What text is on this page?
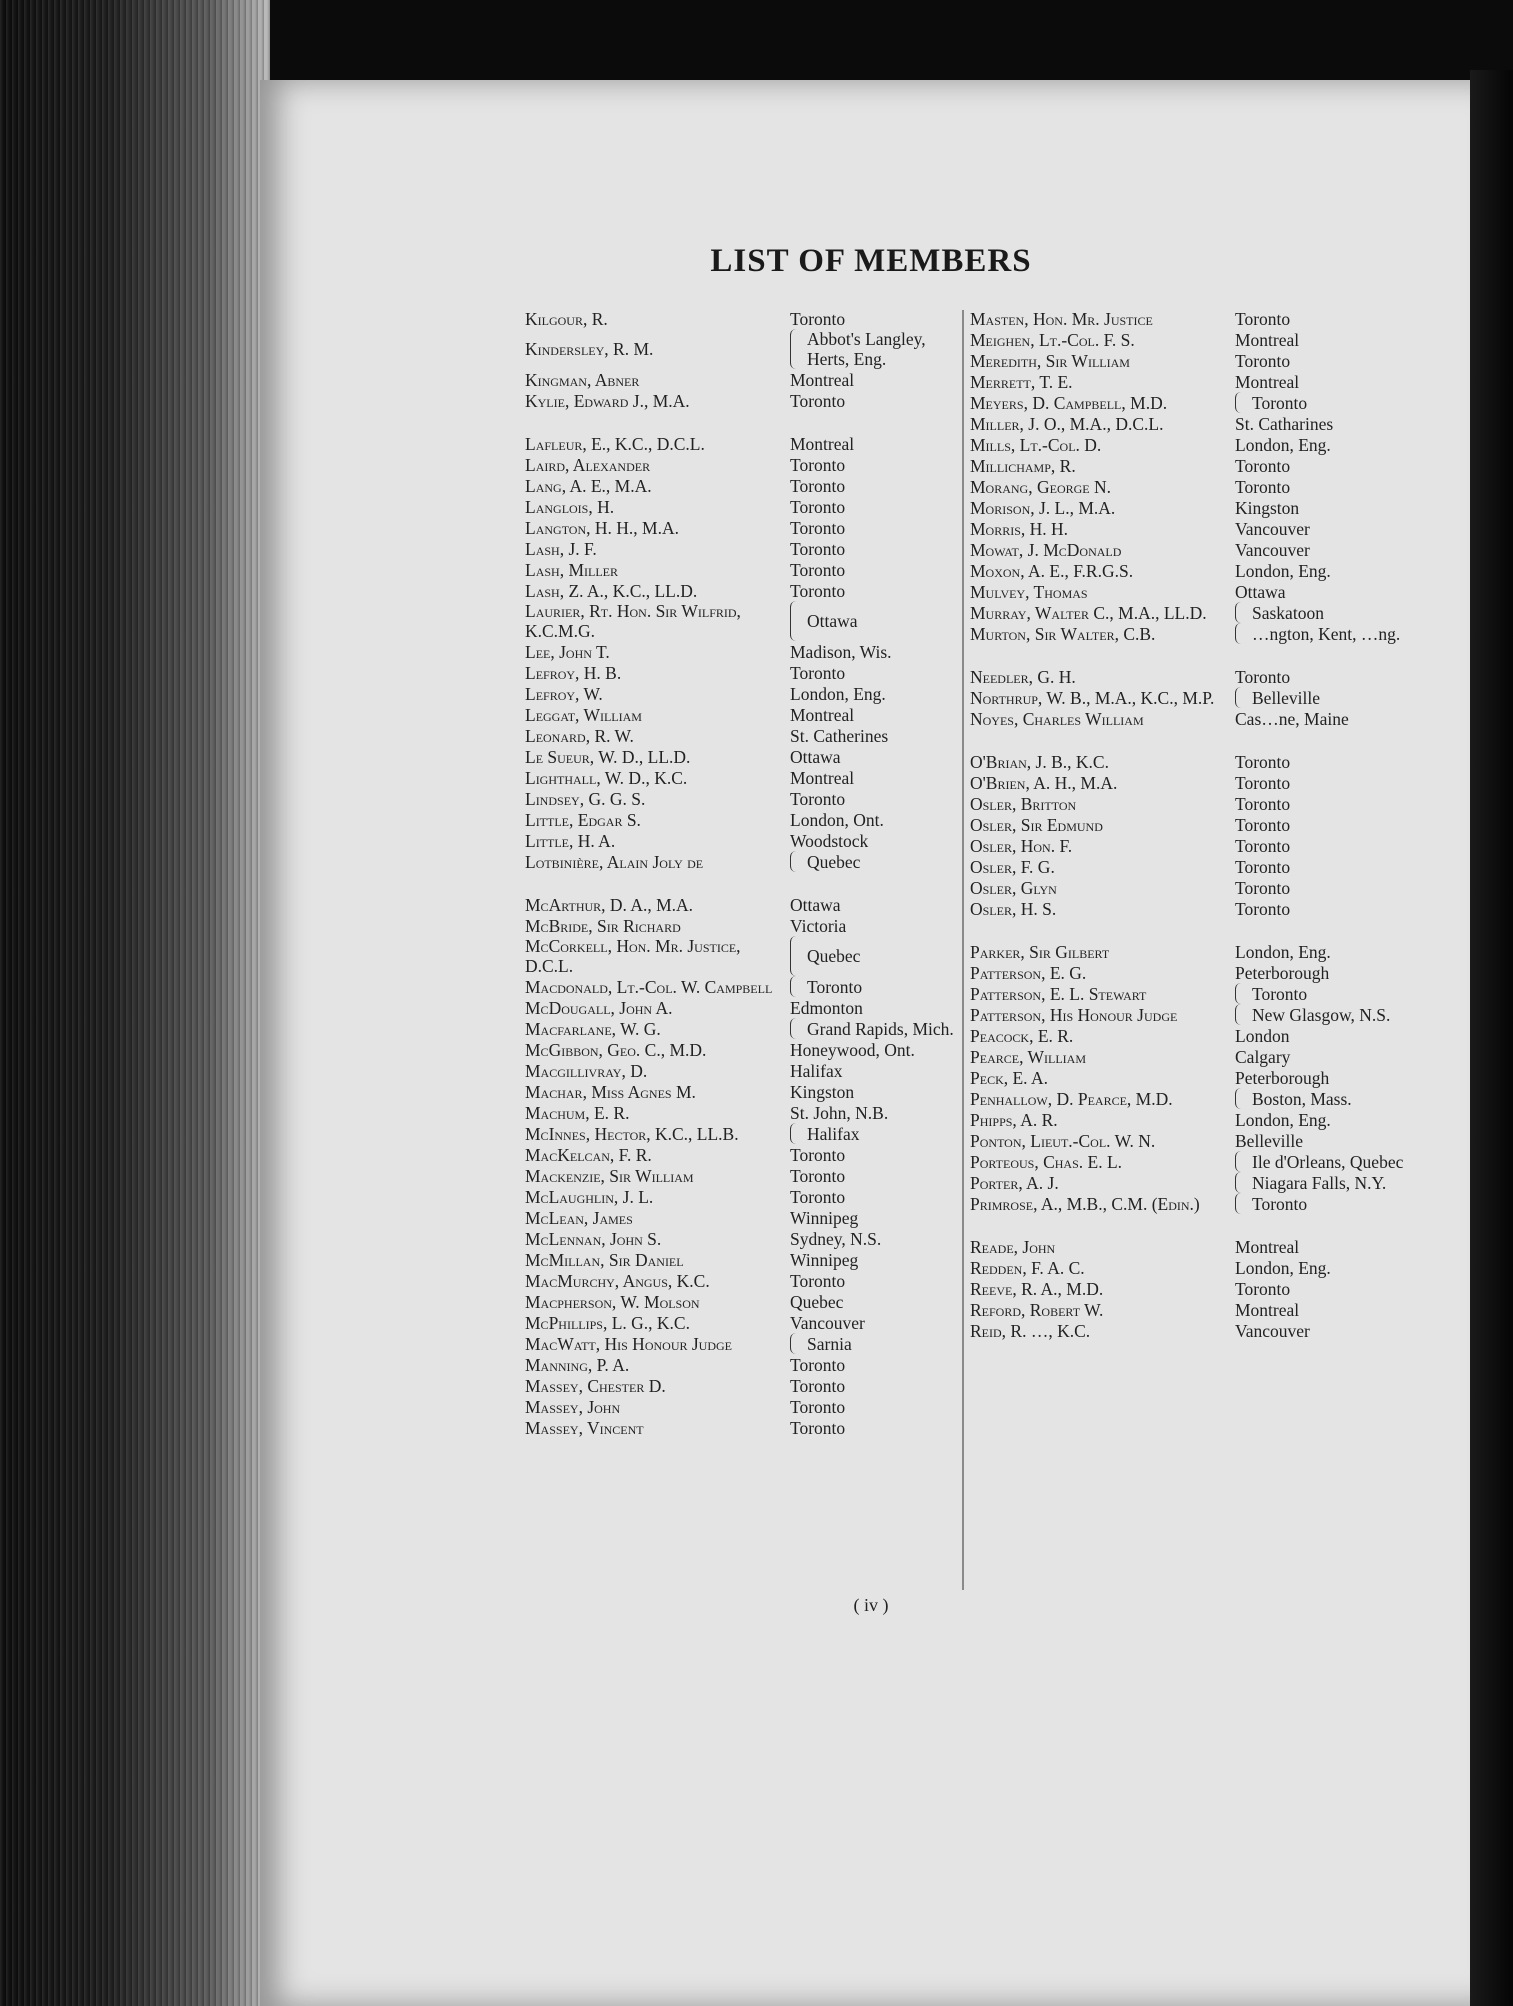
LIST OF MEMBERS
Kilgour, R.	Toronto
Kindersley, R. M.	Abbot's Langley, Herts, Eng.
Kingman, Abner	Montreal
Kylie, Edward J., M.A.	Toronto
Lafleur, E., K.C., D.C.L.	Montreal
Laird, Alexander	Toronto
Lang, A. E., M.A.	Toronto
Langlois, H.	Toronto
Langton, H. H., M.A.	Toronto
Lash, J. F.	Toronto
Lash, Miller	Toronto
Lash, Z. A., K.C., LL.D.	Toronto
Laurier, Rt. Hon. Sir Wilfrid, K.C.M.G.	Ottawa
Lee, John T.	Madison, Wis.
Lefroy, H. B.	Toronto
Lefroy, W.	London, Eng.
Leggat, William	Montreal
Leonard, R. W.	St. Catherines
Le Sueur, W. D., LL.D.	Ottawa
Lighthall, W. D., K.C.	Montreal
Lindsey, G. G. S.	Toronto
Little, Edgar S.	London, Ont.
Little, H. A.	Woodstock
Lotbinière, Alain Joly de	Quebec
McArthur, D. A., M.A.	Ottawa
McBride, Sir Richard	Victoria
McCorkell, Hon. Mr. Justice, D.C.L.	Quebec
Macdonald, Lt.-Col. W. Campbell	Toronto
McDougall, John A.	Edmonton
Macfarlane, W. G.	Grand Rapids, Mich.
McGibbon, Geo. C., M.D.	Honeywood, Ont.
Macgillivray, D.	Halifax
Machar, Miss Agnes M.	Kingston
Machum, E. R.	St. John, N.B.
McInnes, Hector, K.C., LL.B.	Halifax
MacKelcan, F. R.	Toronto
Mackenzie, Sir William	Toronto
McLaughlin, J. L.	Toronto
McLean, James	Winnipeg
McLennan, John S.	Sydney, N.S.
McMillan, Sir Daniel	Winnipeg
MacMurchy, Angus, K.C.	Toronto
Macpherson, W. Molson	Quebec
McPhillips, L. G., K.C.	Vancouver
MacWatt, His Honour Judge	Sarnia
Manning, P. A.	Toronto
Massey, Chester D.	Toronto
Massey, John	Toronto
Massey, Vincent	Toronto
Masten, Hon. Mr. Justice	Toronto
Meighen, Lt.-Col. F. S.	Montreal
Meredith, Sir William	Toronto
Merrett, T. E.	Montreal
Meyers, D. Campbell, M.D.	Toronto
Miller, J. O., M.A., D.C.L.	St. Catharines
Mills, Lt.-Col. D.	London, Eng.
Millichamp, R.	Toronto
Morang, George N.	Toronto
Morison, J. L., M.A.	Kingston
Morris, H. H.	Vancouver
Mowat, J. McDonald	Vancouver
Moxon, A. E., F.R.G.S.	London, Eng.
Mulvey, Thomas	Ottawa
Murray, Walter C., M.A., LL.D.	Saskatoon
Murton, Sir Walter, C.B.	…ngton, Kent, …ng.
Needler, G. H.	Toronto
Northrup, W. B., M.A., K.C., M.P.	Belleville
Noyes, Charles William	Cas…ne, Maine
O'Brian, J. B., K.C.	Toronto
O'Brien, A. H., M.A.	Toronto
Osler, Britton	Toronto
Osler, Sir Edmund	Toronto
Osler, Hon. F.	Toronto
Osler, F. G.	Toronto
Osler, Glyn	Toronto
Osler, H. S.	Toronto
Parker, Sir Gilbert	London, Eng.
Patterson, E. G.	Peterborough
Patterson, E. L. Stewart	Toronto
Patterson, His Honour Judge	New Glasgow, N.S.
Peacock, E. R.	London
Pearce, William	Calgary
Peck, E. A.	Peterborough
Penhallow, D. Pearce, M.D.	Boston, Mass.
Phipps, A. R.	London, Eng.
Ponton, Lieut.-Col. W. N.	Belleville
Porteous, Chas. E. L.	Ile d'Orleans, Quebec
Porter, A. J.	Niagara Falls, N.Y.
Primrose, A., M.B., C.M. (Edin.)	Toronto
Reade, John	Montreal
Redden, F. A. C.	London, Eng.
Reeve, R. A., M.D.	Toronto
Reford, Robert W.	Montreal
Reid, R. …, K.C.	Vancouver
( iv )
